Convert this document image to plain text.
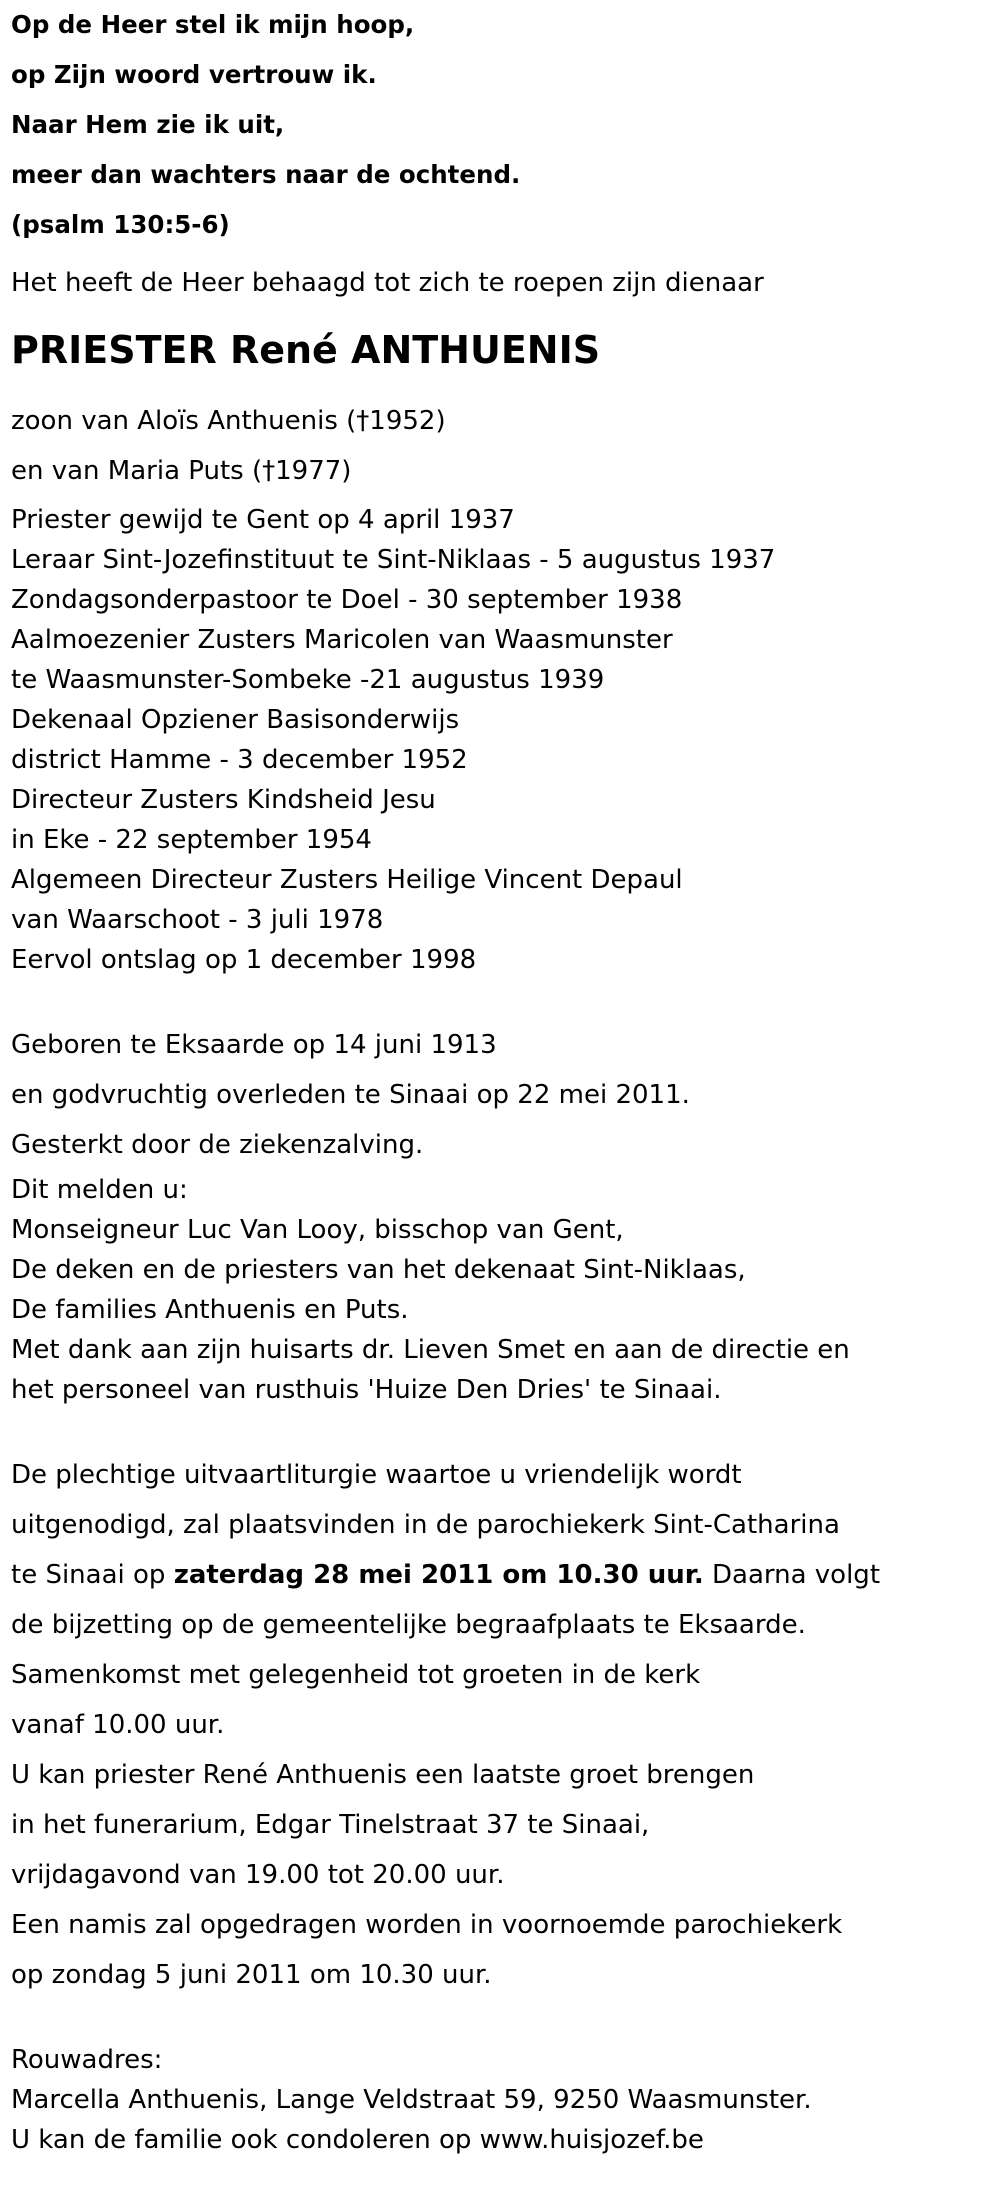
Op de Heer stel ik mijn hoop,
op Zijn woord vertrouw ik.
Naar Hem zie ik uit,
meer dan wachters naar de ochtend.
(psalm 130:5-6)
Het heeft de Heer behaagd tot zich te roepen zijn dienaar
PRIESTER René ANTHUENIS
zoon van Aloïs Anthuenis (†1952)
en van Maria Puts (†1977)
Priester gewijd te Gent op 4 april 1937
Leraar Sint-Jozefinstituut te Sint-Niklaas - 5 augustus 1937
Zondagsonderpastoor te Doel - 30 september 1938
Aalmoezenier Zusters Maricolen van Waasmunster
te Waasmunster-Sombeke -21 augustus 1939
Dekenaal Opziener Basisonderwijs
district Hamme - 3 december 1952
Directeur Zusters Kindsheid Jesu
in Eke - 22 september 1954
Algemeen Directeur Zusters Heilige Vincent Depaul
van Waarschoot - 3 juli 1978
Eervol ontslag op 1 december 1998
Geboren te Eksaarde op 14 juni 1913
en godvruchtig overleden te Sinaai op 22 mei 2011.
Gesterkt door de ziekenzalving.
Dit melden u:
Monseigneur Luc Van Looy, bisschop van Gent,
De deken en de priesters van het dekenaat Sint-Niklaas,
De families Anthuenis en Puts.
Met dank aan zijn huisarts dr. Lieven Smet en aan de directie en
het personeel van rusthuis 'Huize Den Dries' te Sinaai.
De plechtige uitvaartliturgie waartoe u vriendelijk wordt
uitgenodigd, zal plaatsvinden in de parochiekerk Sint-Catharina
te Sinaai op zaterdag 28 mei 2011 om 10.30 uur. Daarna volgt
de bijzetting op de gemeentelijke begraafplaats te Eksaarde.
Samenkomst met gelegenheid tot groeten in de kerk
vanaf 10.00 uur.
U kan priester René Anthuenis een laatste groet brengen
in het funerarium, Edgar Tinelstraat 37 te Sinaai,
vrijdagavond van 19.00 tot 20.00 uur.
Een namis zal opgedragen worden in voornoemde parochiekerk
op zondag 5 juni 2011 om 10.30 uur.
Rouwadres:
Marcella Anthuenis, Lange Veldstraat 59, 9250 Waasmunster.
U kan de familie ook condoleren op www.huisjozef.be
